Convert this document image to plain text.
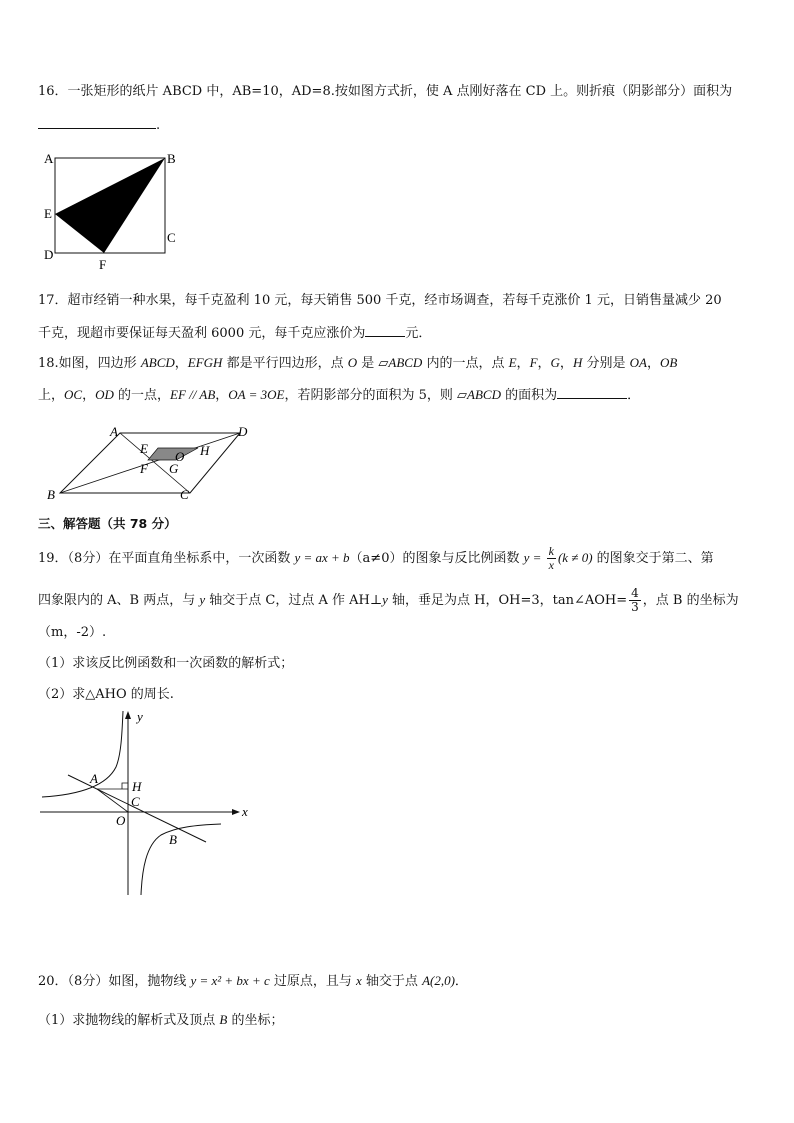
16．一张矩形的纸片 ABCD 中，AB=10，AD=8.按如图方式折，使 A 点刚好落在 CD 上。则折痕（阴影部分）面积为
.
A	B
C
D
E
F
17．超市经销一种水果，每千克盈利 10 元，每天销售 500 千克，经市场调查，若每千克涨价 1 元，日销售量减少 20
千克，现超市要保证每天盈利 6000 元，每千克应涨价为	元．
18.如图，四边形 ABCD，EFGH 都是平行四边形，点 O 是 ▱ABCD 内的一点，点 E，F，G，H 分别是 OA，OB
上，OC，OD 的一点，EF // AB，OA = 3OE，若阴影部分的面积为 5，则 ▱ABCD 的面积为	．
A	D
B	C
E
F G
H
O
三、解答题（共 78 分）
19．（8分）在平面直角坐标系中，一次函数 y = ax + b（a≠0）的图象与反比例函数 $y = \frac{k}{x} (k \ne 0)$ 的图象交于第二、第
四象限内的 A、B 两点，与 y 轴交于点 C，过点 A 作 AH⊥y 轴，垂足为点 H，OH=3，tan∠AOH= $\frac{4}{3}$ ，点 B 的坐标为
（m，-2）.
（1）求该反比例函数和一次函数的解析式；
（2）求△AHO 的周长.
x
y
A
B
C
H
O
20．（8分）如图，抛物线 y = x² + bx + c 过原点，且与 x 轴交于点 A(2,0)．
（1）求抛物线的解析式及顶点 B 的坐标；
